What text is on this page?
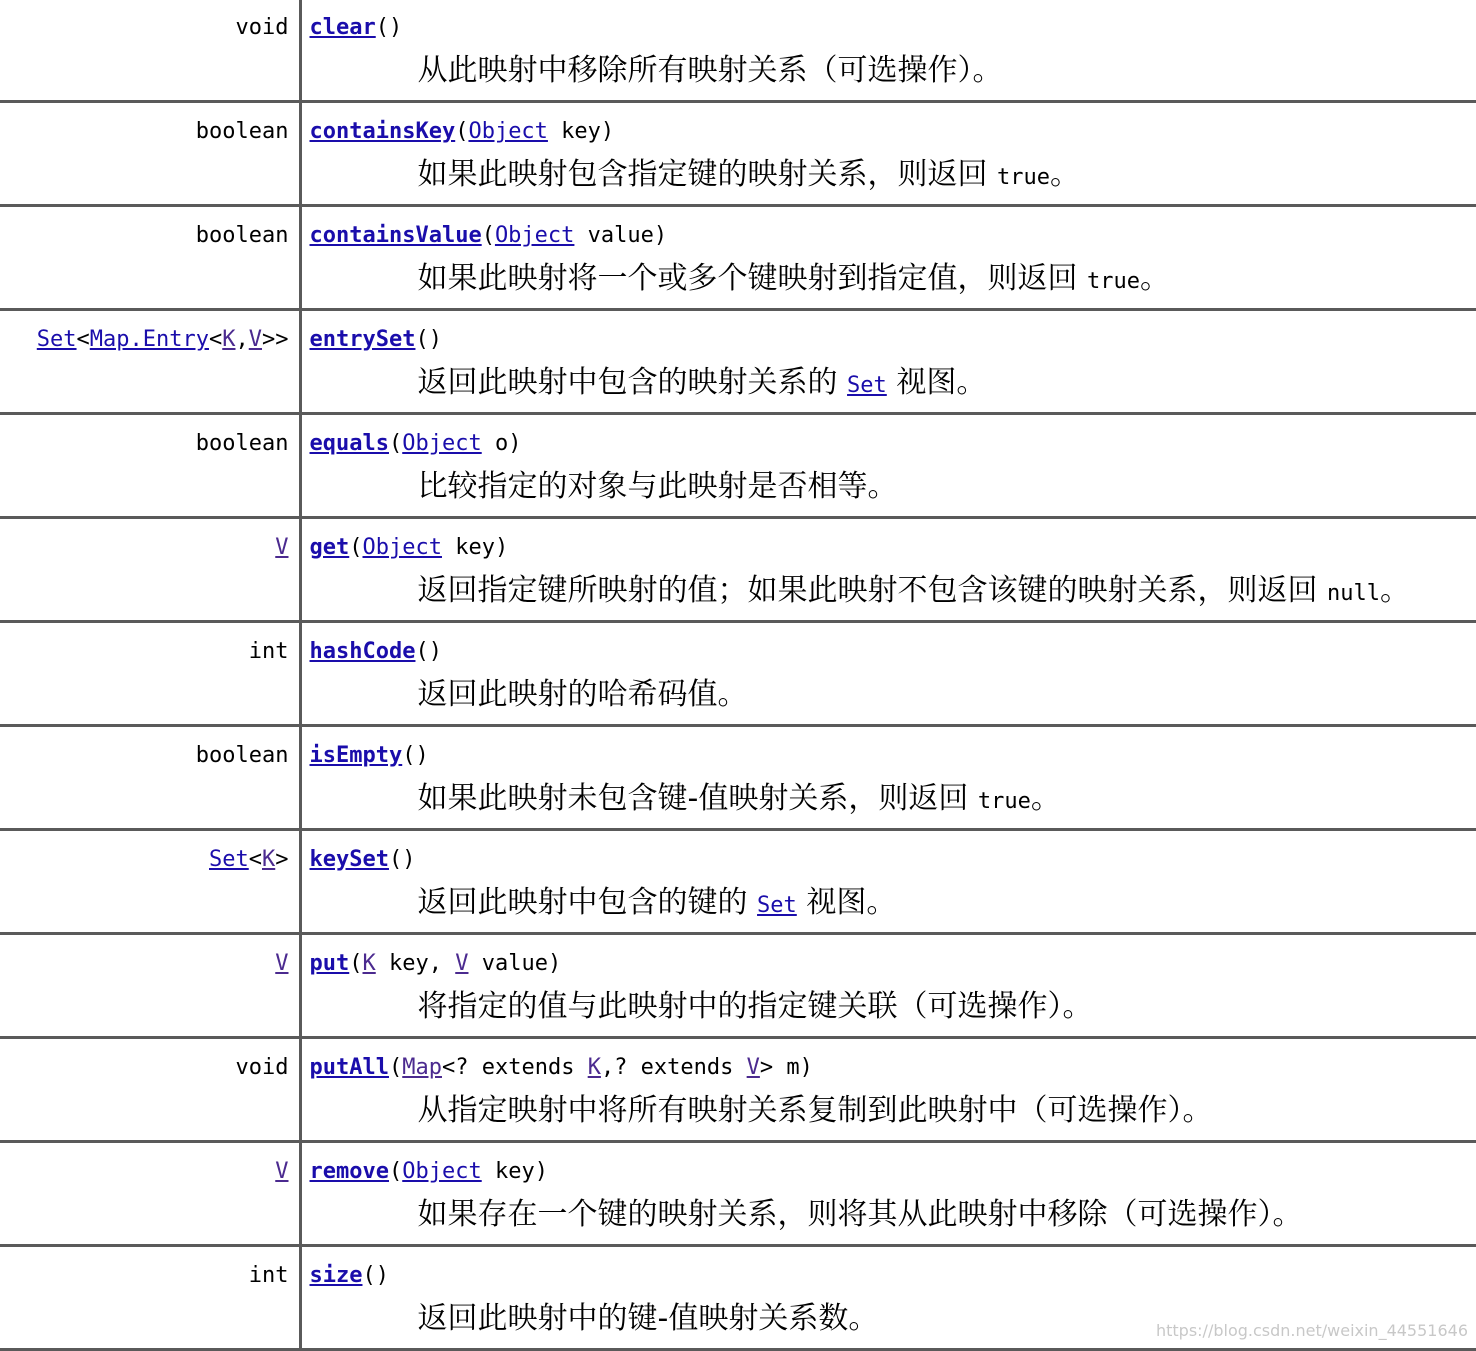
void	clear()
从此映射中移除所有映射关系（可选操作）。

boolean	containsKey(Object key)
如果此映射包含指定键的映射关系，则返回 true。

boolean	containsValue(Object value)
如果此映射将一个或多个键映射到指定值，则返回 true。

Set<Map.Entry<K,V>>	entrySet()
返回此映射中包含的映射关系的 Set 视图。

boolean	equals(Object o)
比较指定的对象与此映射是否相等。

V	get(Object key)
返回指定键所映射的值；如果此映射不包含该键的映射关系，则返回 null。

int	hashCode()
返回此映射的哈希码值。

boolean	isEmpty()
如果此映射未包含键-值映射关系，则返回 true。

Set<K>	keySet()
返回此映射中包含的键的 Set 视图。

V	put(K key, V value)
将指定的值与此映射中的指定键关联（可选操作）。

void	putAll(Map<? extends K,? extends V> m)
从指定映射中将所有映射关系复制到此映射中（可选操作）。

V	remove(Object key)
如果存在一个键的映射关系，则将其从此映射中移除（可选操作）。

int	size()
返回此映射中的键-值映射关系数。	https://blog.csdn.net/weixin_44551646
